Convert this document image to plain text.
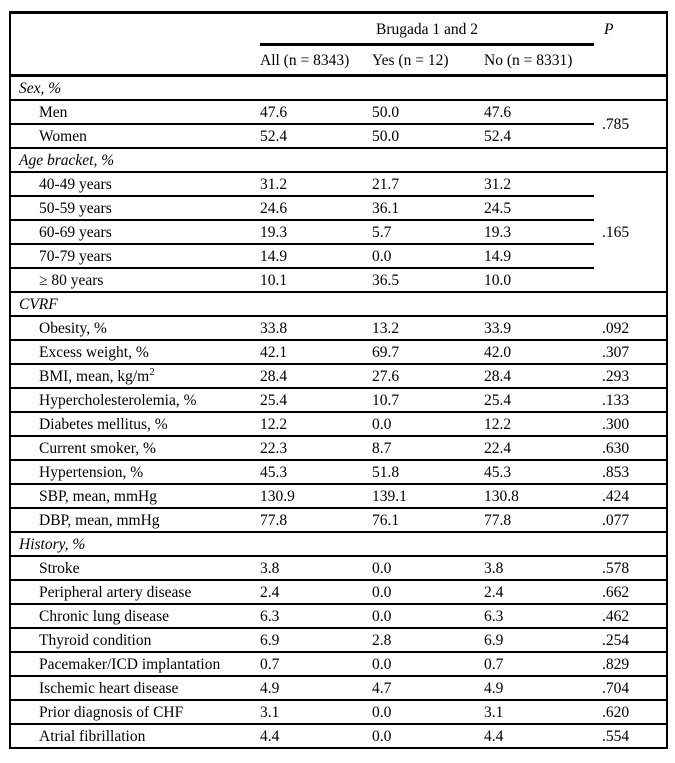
	Brugada 1 and 2			P
	All (n = 8343)	Yes (n = 12)	No (n = 8331)	
Sex, %				
Men	47.6	50.0	47.6	.785
Women	52.4	50.0	52.4	
Age bracket, %				
40-49 years	31.2	21.7	31.2	.165
50-59 years	24.6	36.1	24.5	
60-69 years	19.3	5.7	19.3	
70-79 years	14.9	0.0	14.9	
≥ 80 years	10.1	36.5	10.0	
CVRF				
Obesity, %	33.8	13.2	33.9	.092
Excess weight, %	42.1	69.7	42.0	.307
BMI, mean, $kg/m^2$	28.4	27.6	28.4	.293
Hypercholesterolemia, %	25.4	10.7	25.4	.133
Diabetes mellitus, %	12.2	0.0	12.2	.300
Current smoker, %	22.3	8.7	22.4	.630
Hypertension, %	45.3	51.8	45.3	.853
SBP, mean, mmHg	130.9	139.1	130.8	.424
DBP, mean, mmHg	77.8	76.1	77.8	.077
History, %				
Stroke	3.8	0.0	3.8	.578
Peripheral artery disease	2.4	0.0	2.4	.662
Chronic lung disease	6.3	0.0	6.3	.462
Thyroid condition	6.9	2.8	6.9	.254
Pacemaker/ICD implantation	0.7	0.0	0.7	.829
Ischemic heart disease	4.9	4.7	4.9	.704
Prior diagnosis of CHF	3.1	0.0	3.1	.620
Atrial fibrillation	4.4	0.0	4.4	.554
